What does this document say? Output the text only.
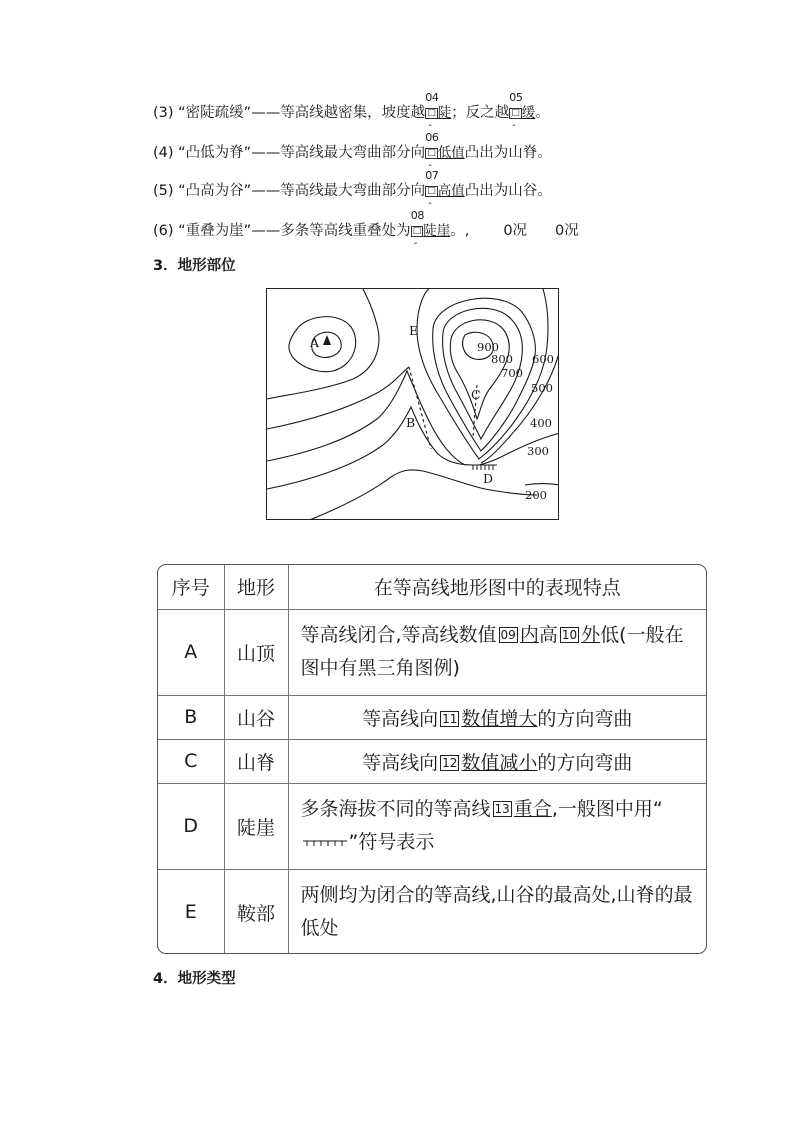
(3) “密陡疏缓”——等高线越密集，坡度越
04
□ 陡
-
；反之越
05
□ 缓
-
。
(4) “凸低为脊”——等高线最大弯曲部分向
06
□ 低值
-
凸出为山脊。
(5) “凸高为谷”——等高线最大弯曲部分向
07
□ 高值
-
凸出为山谷。
(6) “重叠为崖”——多条等高线重叠处为
08
□ 陡崖
-
。, 0况 0况
3．地形部位
A
B
C
D
E
900
800
700
600
500
400
300
200
序号	地形	在等高线地形图中的表现特点
A	山顶	等高线闭合,等高线数值 09 内高 10 外低(一般在图中有黑三角图例)
B	山谷	等高线向 11 数值增大的方向弯曲
C	山脊	等高线向 12 数值减小的方向弯曲
D	陡崖	多条海拔不同的等高线 13 重合,一般图中用“”符号表示
E	鞍部	两侧均为闭合的等高线,山谷的最高处,山脊的最低处
4．地形类型
